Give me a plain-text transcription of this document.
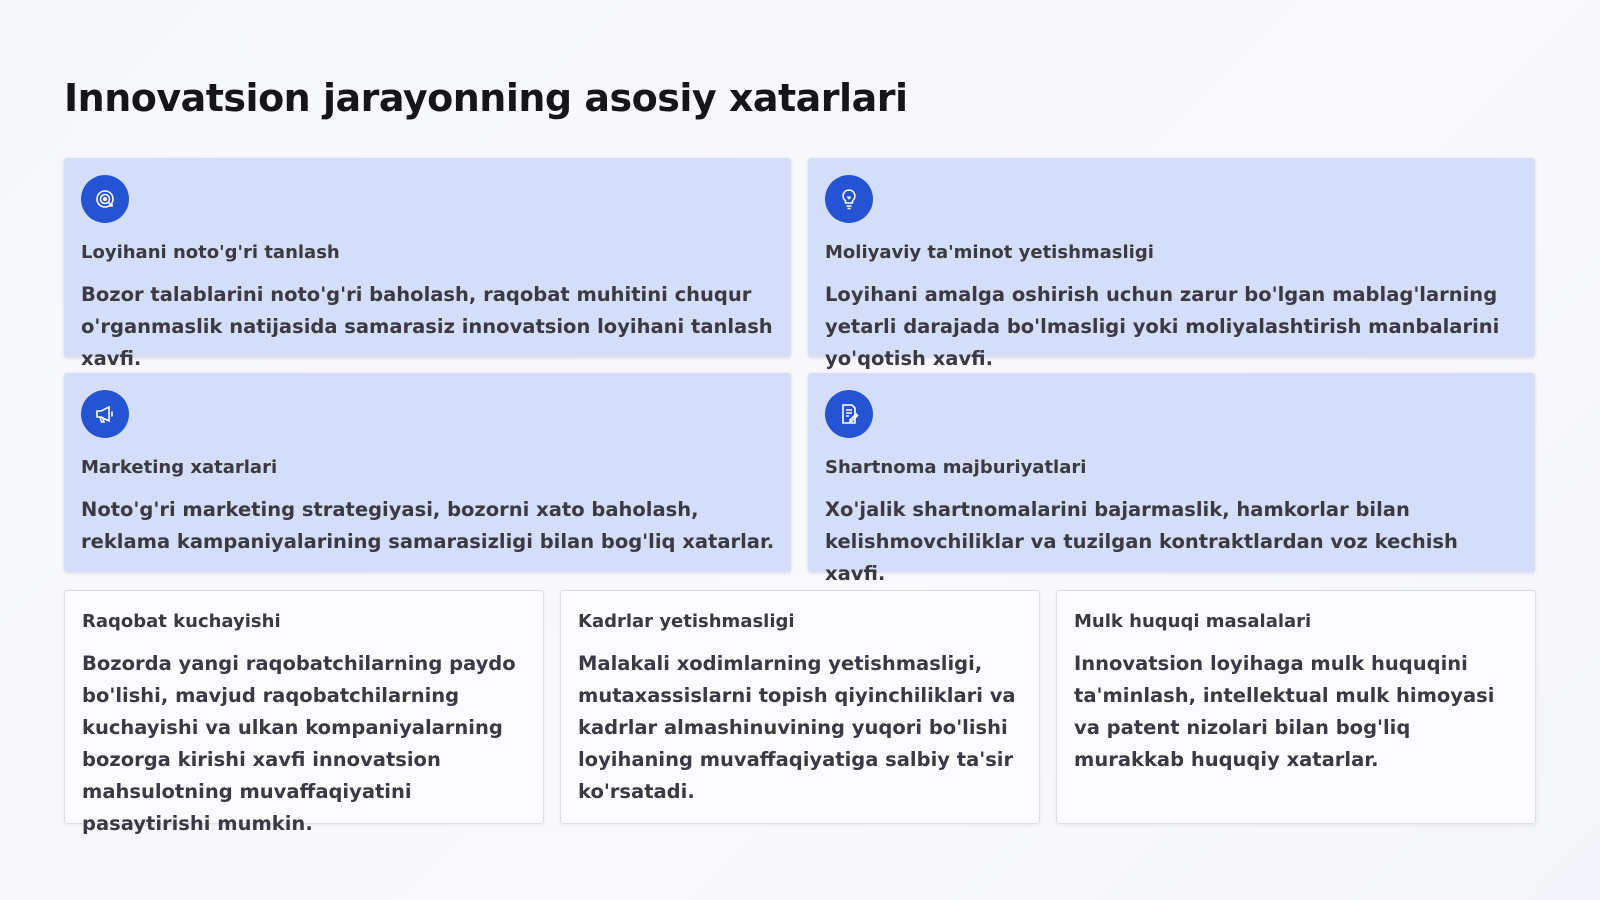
Innovatsion jarayonning asosiy xatarlari
Loyihani noto'g'ri tanlash
Bozor talablarini noto'g'ri baholash, raqobat muhitini chuqur o'rganmaslik natijasida samarasiz innovatsion loyihani tanlash xavfi.
Moliyaviy ta'minot yetishmasligi
Loyihani amalga oshirish uchun zarur bo'lgan mablag'larning yetarli darajada bo'lmasligi yoki moliyalashtirish manbalarini yo'qotish xavfi.
Marketing xatarlari
Noto'g'ri marketing strategiyasi, bozorni xato baholash, reklama kampaniyalarining samarasizligi bilan bog'liq xatarlar.
Shartnoma majburiyatlari
Xo'jalik shartnomalarini bajarmaslik, hamkorlar bilan kelishmovchiliklar va tuzilgan kontraktlardan voz kechish xavfi.
Raqobat kuchayishi
Bozorda yangi raqobatchilarning paydo bo'lishi, mavjud raqobatchilarning kuchayishi va ulkan kompaniyalarning bozorga kirishi xavfi innovatsion mahsulotning muvaffaqiyatini pasaytirishi mumkin.
Kadrlar yetishmasligi
Malakali xodimlarning yetishmasligi, mutaxassislarni topish qiyinchiliklari va kadrlar almashinuvining yuqori bo'lishi loyihaning muvaffaqiyatiga salbiy ta'sir ko'rsatadi.
Mulk huquqi masalalari
Innovatsion loyihaga mulk huquqini ta'minlash, intellektual mulk himoyasi va patent nizolari bilan bog'liq murakkab huquqiy xatarlar.
